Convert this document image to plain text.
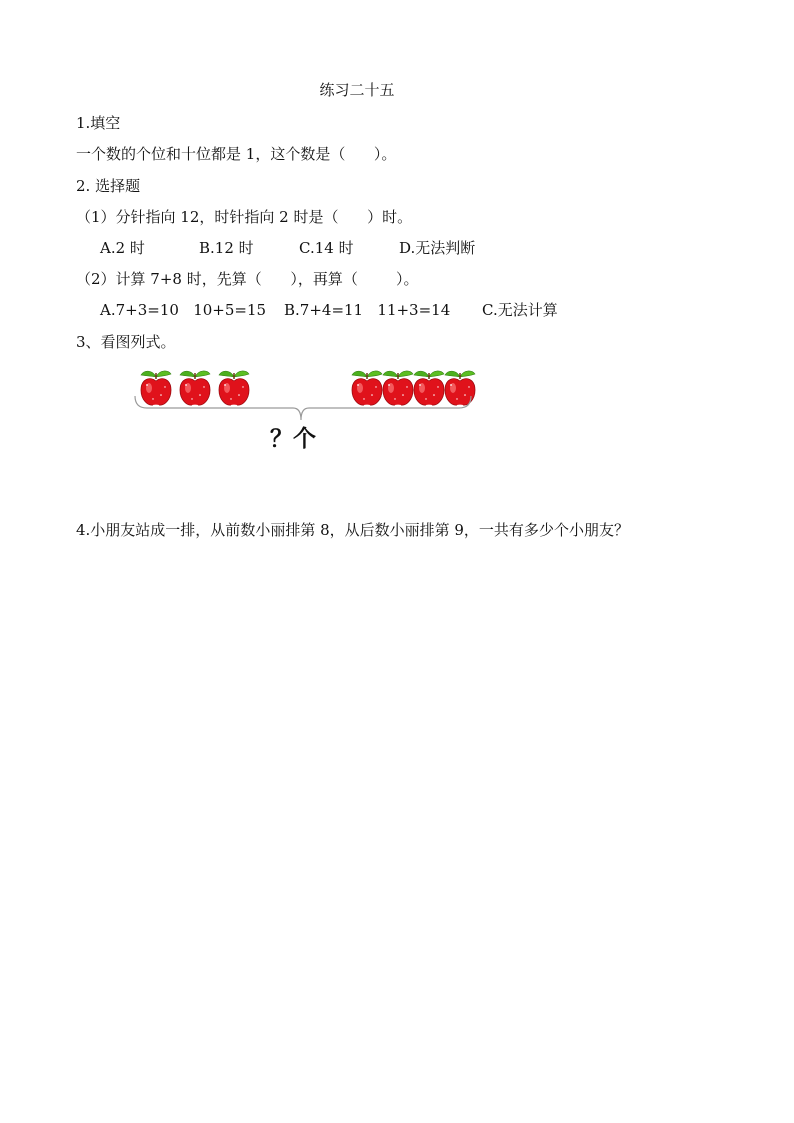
练习二十五
1.填空
一个数的个位和十位都是 1，这个数是（      ）。
2. 选择题
（1）分针指向 12，时针指向 2 时是（      ）时。
A.2 时	B.12 时	C.14 时	D.无法判断
（2）计算 7+8 时，先算（      ），再算（        ）。
A.7+3=10   10+5=15 B.7+4=11   11+3=14 C.无法计算
3、看图列式。
？个
4.小朋友站成一排，从前数小丽排第 8，从后数小丽排第 9，一共有多少个小朋友？
